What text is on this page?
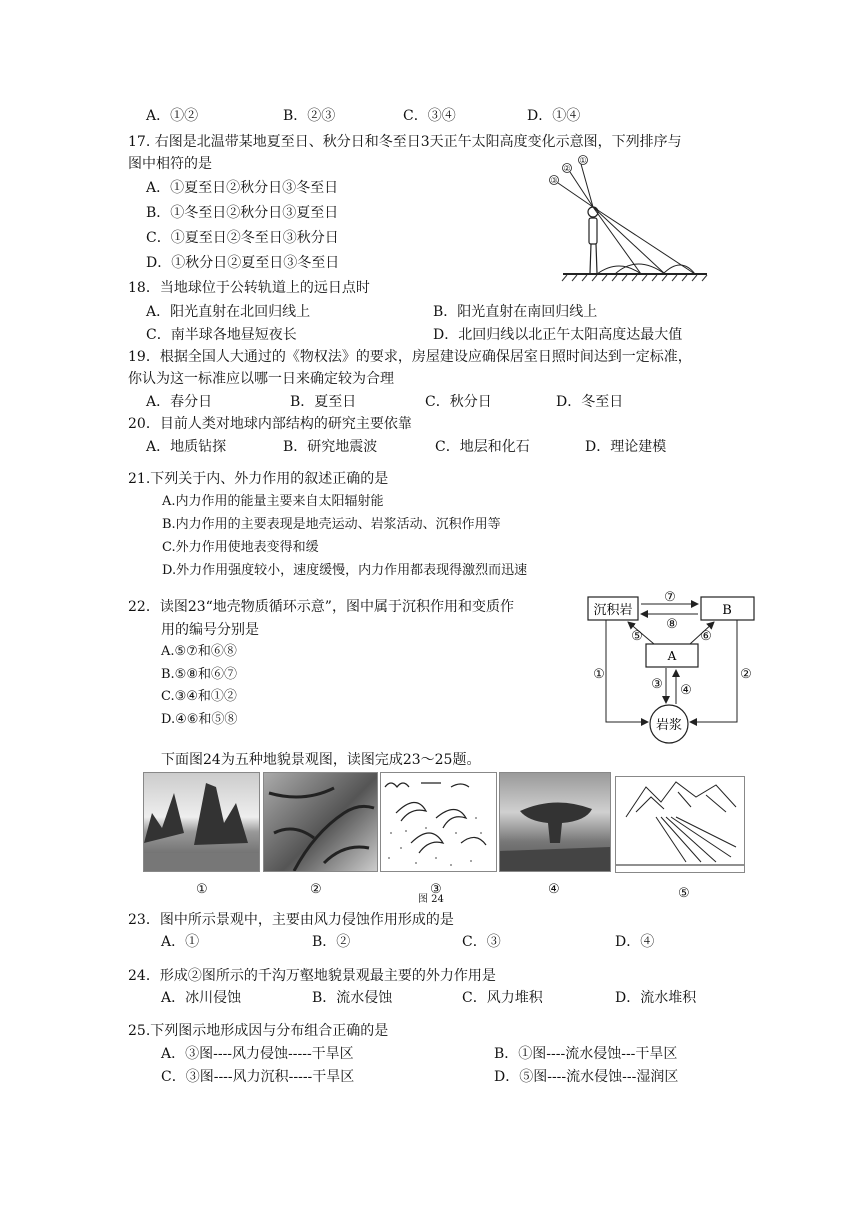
A．①②	B．②③	C．③④	D．①④
17. 右图是北温带某地夏至日、秋分日和冬至日3天正午太阳高度变化示意图，下列排序与
图中相符的是
A．①夏至日②秋分日③冬至日
B．①冬至日②秋分日③夏至日
C．①夏至日②冬至日③秋分日
D．①秋分日②夏至日③冬至日
①
②
③
18．当地球位于公转轨道上的远日点时
A．阳光直射在北回归线上	B．阳光直射在南回归线上
C．南半球各地昼短夜长	D．北回归线以北正午太阳高度达最大值
19．根据全国人大通过的《物权法》的要求，房屋建设应确保居室日照时间达到一定标准，
你认为这一标准应以哪一日来确定较为合理
A．春分日	B．夏至日	C．秋分日	D．冬至日
20．目前人类对地球内部结构的研究主要依靠
A．地质钻探	B．研究地震波	C．地层和化石	D．理论建模
21.下列关于内、外力作用的叙述正确的是
A.内力作用的能量主要来自太阳辐射能
B.内力作用的主要表现是地壳运动、岩浆活动、沉积作用等
C.外力作用使地表变得和缓
D.外力作用强度较小，速度缓慢，内力作用都表现得激烈而迅速
22．读图23“地壳物质循环示意”，图中属于沉积作用和变质作
用的编号分别是
A.⑤⑦和⑥⑧
B.⑤⑧和⑥⑦
C.③④和①②
D.④⑥和⑤⑧
沉积岩	B
A
岩浆
⑦
⑧
⑤	⑥
①	②
③ ④
下面图24为五种地貌景观图，读图完成23～25题。
①	②	③	④	⑤
图 24
23．图中所示景观中，主要由风力侵蚀作用形成的是
A．①	B．②	C．③	D．④
24．形成②图所示的千沟万壑地貌景观最主要的外力作用是
A．冰川侵蚀	B．流水侵蚀	C．风力堆积	D．流水堆积
25.下列图示地形成因与分布组合正确的是
A．③图----风力侵蚀-----干旱区	B．①图----流水侵蚀---干旱区
C．③图----风力沉积-----干旱区	D．⑤图----流水侵蚀---湿润区
